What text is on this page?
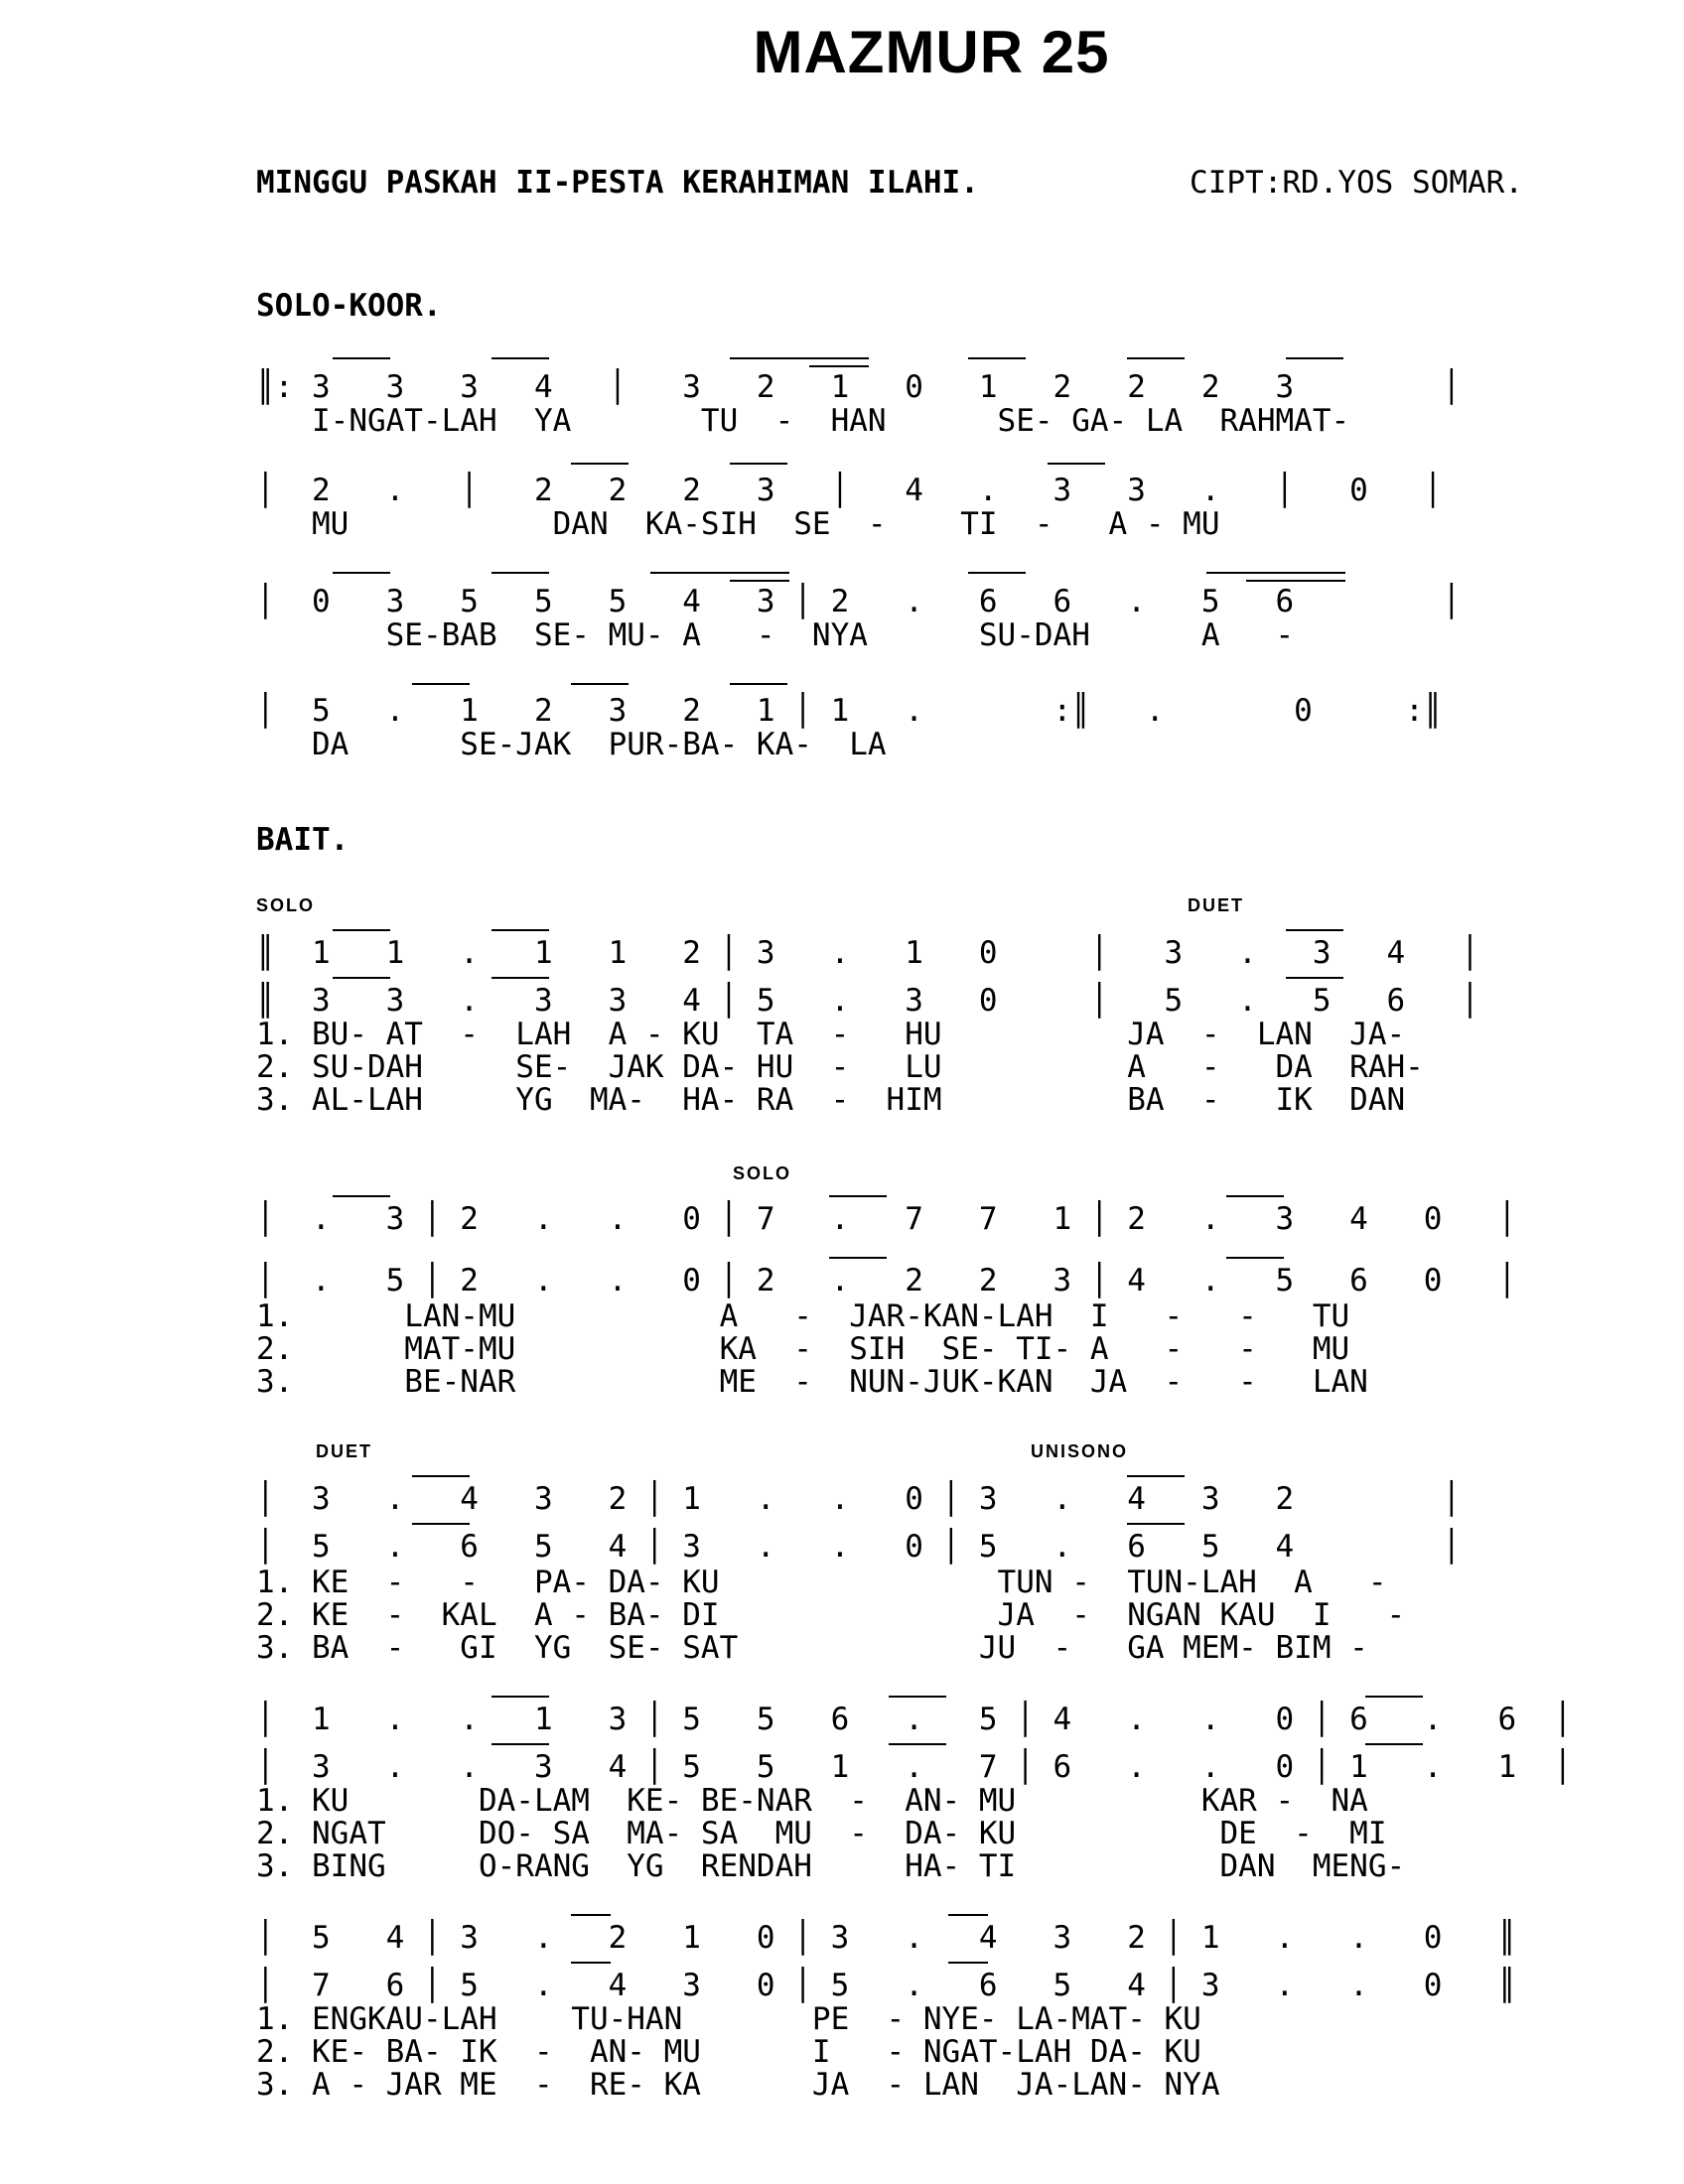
MAZMUR 25
MINGGU PASKAH II-PESTA KERAHIMAN ILAHI.	CIPT:RD.YOS SOMAR.
SOLO-KOOR.
║: 3   3   3   4   │   3   2   1   0   1   2   2   2   3        │
I-NGAT-LAH  YA       TU  -  HAN      SE- GA- LA  RAHMAT-
│  2   .   │   2   2   2   3   │   4   .   3   3   .   │   0   │
MU           DAN  KA-SIH  SE  -    TI  -   A - MU
│  0   3   5   5   5   4   3 │ 2   .   6   6   .   5   6        │
SE-BAB  SE- MU- A   -  NYA      SU-DAH      A   -
│  5   .   1   2   3   2   1 │ 1   .       :║   .       0     :║
DA      SE-JAK  PUR-BA- KA-  LA
BAIT.
SOLO	DUET
║  1   1   .   1   1   2 │ 3   .   1   0     │   3   .   3   4   │
║  3   3   .   3   3   4 │ 5   .   3   0     │   5   .   5   6   │
1. BU- AT  -  LAH  A - KU  TA  -   HU          JA  -  LAN  JA-
2. SU-DAH     SE-  JAK DA- HU  -   LU          A   -   DA  RAH-
3. AL-LAH     YG  MA-  HA- RA  -  HIM          BA  -   IK  DAN
SOLO
│  .   3 │ 2   .   .   0 │ 7   .   7   7   1 │ 2   .   3   4   0   │
│  .   5 │ 2   .   .   0 │ 2   .   2   2   3 │ 4   .   5   6   0   │
1.      LAN-MU           A   -  JAR-KAN-LAH  I   -   -   TU
2.      MAT-MU           KA  -  SIH  SE- TI- A   -   -   MU
3.      BE-NAR           ME  -  NUN-JUK-KAN  JA  -   -   LAN
DUET	UNISONO
│  3   .   4   3   2 │ 1   .   .   0 │ 3   .   4   3   2        │
│  5   .   6   5   4 │ 3   .   .   0 │ 5   .   6   5   4        │
1. KE  -   -   PA- DA- KU               TUN -  TUN-LAH  A   -
2. KE  -  KAL  A - BA- DI               JA  -  NGAN KAU  I   -
3. BA  -   GI  YG  SE- SAT             JU  -   GA MEM- BIM -
│  1   .   .   1   3 │ 5   5   6   .   5 │ 4   .   .   0 │ 6   .   6  │
│  3   .   .   3   4 │ 5   5   1   .   7 │ 6   .   .   0 │ 1   .   1  │
1. KU       DA-LAM  KE- BE-NAR  -  AN- MU          KAR -  NA
2. NGAT     DO- SA  MA- SA  MU  -  DA- KU           DE  -  MI
3. BING     O-RANG  YG  RENDAH     HA- TI           DAN  MENG-
│  5   4 │ 3   .   2   1   0 │ 3   .   4   3   2 │ 1   .   .   0   ║
│  7   6 │ 5   .   4   3   0 │ 5   .   6   5   4 │ 3   .   .   0   ║
1. ENGKAU-LAH    TU-HAN       PE  - NYE- LA-MAT- KU
2. KE- BA- IK  -  AN- MU      I   - NGAT-LAH DA- KU
3. A - JAR ME  -  RE- KA      JA  - LAN  JA-LAN- NYA
